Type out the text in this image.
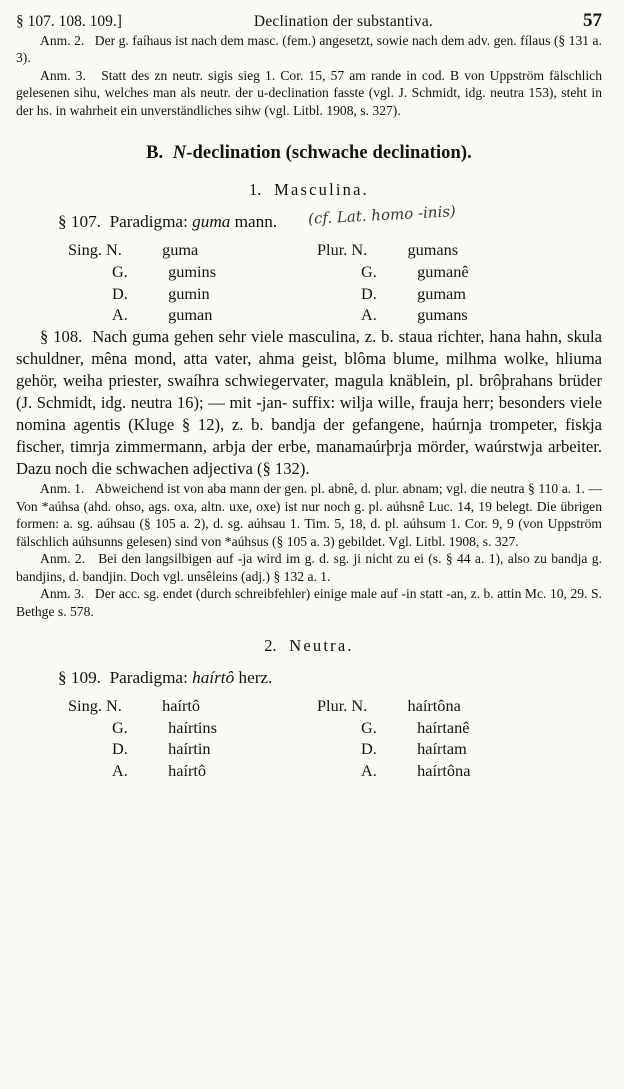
§ 107. 108. 109.]	Declination der substantiva.	57

Anm. 2. Der g. faíhaus ist nach dem masc. (fem.) angesetzt, sowie nach dem adv. gen. fílaus (§ 131 a. 3).

Anm. 3. Statt des zn neutr. sigis sieg 1. Cor. 15, 57 am rande in cod. B von Uppström fälschlich gelesenen sihu, welches man als neutr. der u-declination fasste (vgl. J. Schmidt, idg. neutra 153), steht in der hs. in wahrheit ein unverständliches sihw (vgl. Litbl. 1908, s. 327).

B. N-declination (schwache declination).
1. Masculina.

§ 107. Paradigma: guma mann. (cf. Lat. homo -inis)

Sing. N. guma
G. gumins
D. gumin
A. guman
Plur. N. gumans
G. gumanê
D. gumam
A. gumans

§ 108. Nach guma gehen sehr viele masculina, z. b. staua richter, hana hahn, skula schuldner, mêna mond, atta vater, ahma geist, blôma blume, milhma wolke, hliuma gehör, weiha priester, swaíhra schwiegervater, magula knäblein, pl. brôþrahans brüder (J. Schmidt, idg. neutra 16); — mit -jan- suffix: wilja wille, frauja herr; besonders viele nomina agentis (Kluge § 12), z. b. bandja der gefangene, haúrnja trompeter, fiskja fischer, timrja zimmermann, arbja der erbe, manamaúrþrja mörder, waúrstwja arbeiter. Dazu noch die schwachen adjectiva (§ 132).

Anm. 1. Abweichend ist von aba mann der gen. pl. abnê, d. plur. abnam; vgl. die neutra § 110 a. 1. — Von *aúhsa (ahd. ohso, ags. oxa, altn. uxe, oxe) ist nur noch g. pl. aúhsnê Luc. 14, 19 belegt. Die übrigen formen: a. sg. aúhsau (§ 105 a. 2), d. sg. aúhsau 1. Tim. 5, 18, d. pl. aúhsum 1. Cor. 9, 9 (von Uppström fälschlich aúhsunns gelesen) sind von *aúhsus (§ 105 a. 3) gebildet. Vgl. Litbl. 1908, s. 327.

Anm. 2. Bei den langsilbigen auf -ja wird im g. d. sg. ji nicht zu ei (s. § 44 a. 1), also zu bandja g. bandjins, d. bandjin. Doch vgl. unsêleins (adj.) § 132 a. 1.

Anm. 3. Der acc. sg. endet (durch schreibfehler) einige male auf -in statt -an, z. b. attin Mc. 10, 29. S. Bethge s. 578.

2. Neutra.

§ 109. Paradigma: haírtô herz.

Sing. N. haírtô
G. haírtins
D. haírtin
A. haírtô
Plur. N. haírtôna
G. haírtanê
D. haírtam
A. haírtôna
